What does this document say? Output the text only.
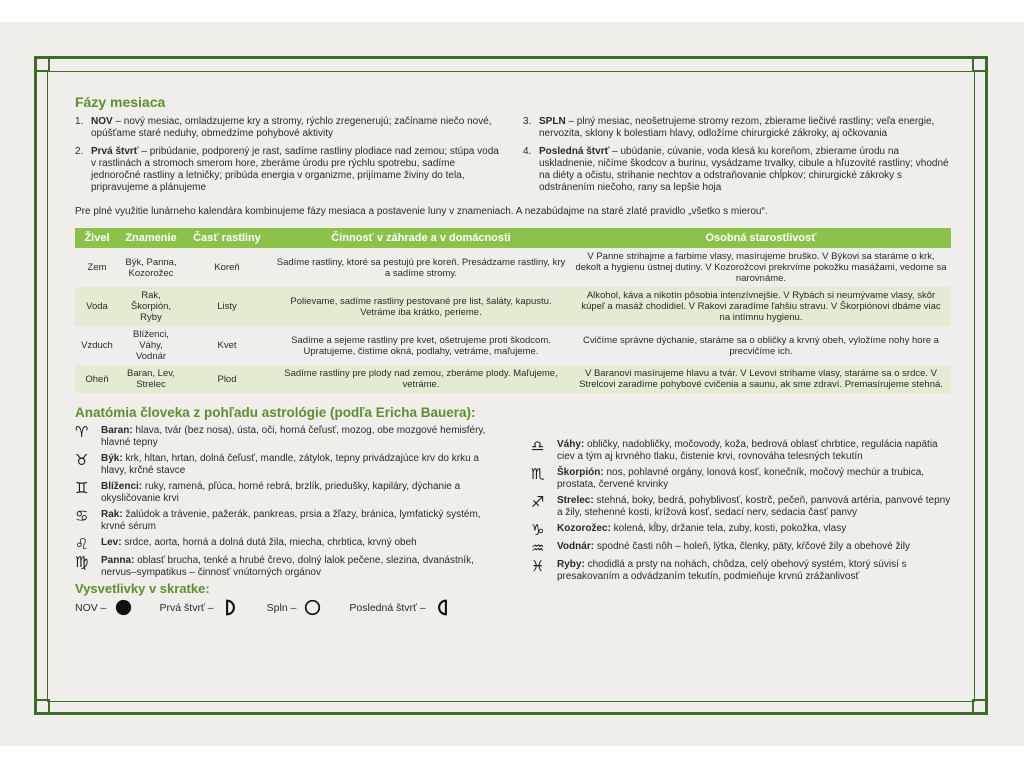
Fázy mesiaca
1. NOV – nový mesiac, omladzujeme kry a stromy, rýchlo zregenerujú; začíname niečo nové, opúšťame staré neduhy, obmedzíme pohybové aktivity
2. Prvá štvrť – pribúdanie, podporený je rast, sadíme rastliny plodiace nad zemou; stúpa voda v rastlinách a stromoch smerom hore, zberáme úrodu pre rýchlu spotrebu, sadíme jednoročné rastliny a letničky; pribúda energia v organizme, prijímame živiny do tela, pripravujeme a plánujeme
3. SPLN – plný mesiac, neošetrujeme stromy rezom, zbierame liečivé rastliny; veľa energie, nervozita, sklony k bolestiam hlavy, odložíme chirurgické zákroky, aj očkovania
4. Posledná štvrť – ubúdanie, cúvanie, voda klesá ku koreňom, zbierame úrodu na uskladnenie, ničíme škodcov a burinu, vysádzame trvalky, cibule a hľuzovité rastliny; vhodné na diéty a očistu, strihanie nechtov a odstraňovanie chĺpkov; chirurgické zákroky s odstránením niečoho, rany sa lepšie hoja
Pre plné využitie lunárneho kalendára kombinujeme fázy mesiaca a postavenie luny v znameniach. A nezabúdajme na staré zlaté pravidlo „všetko s mierou“.
Živel	Znamenie	Časť rastliny	Činnosť v záhrade a v domácnosti	Osobná starostlivosť
Zem	Býk, Panna, Kozorožec	Koreň	Sadíme rastliny, ktoré sa pestujú pre koreň. Presádzame rastliny, kry a sadíme stromy.	V Panne strihajme a farbime vlasy, masírujeme bruško. V Býkovi sa staráme o krk, dekolt a hygienu ústnej dutiny. V Kozorožcovi prekrvíme pokožku masážami, vedome sa narovnáme.
Voda	Rak, Škorpión, Ryby	Listy	Polievame, sadíme rastliny pestované pre list, šaláty, kapustu. Vetráme iba krátko, perieme.	Alkohol, káva a nikotín pôsobia intenzívnejšie. V Rybách si neumývame vlasy, skôr kúpeľ a masáž chodidiel. V Rakovi zaradíme ľahšiu stravu. V Škorpiónovi dbáme viac na intímnu hygienu.
Vzduch	Blíženci, Váhy, Vodnár	Kvet	Sadíme a sejeme rastliny pre kvet, ošetrujeme proti škodcom. Upratujeme, čistíme okná, podlahy, vetráme, maľujeme.	Cvičíme správne dýchanie, staráme sa o obličky a krvný obeh, vyložíme nohy hore a precvičíme ich.
Oheň	Baran, Lev, Strelec	Plod	Sadíme rastliny pre plody nad zemou, zberáme plody. Maľujeme, vetráme.	V Baranovi masírujeme hlavu a tvár. V Levovi strihame vlasy, staráme sa o srdce. V Strelcovi zaradíme pohybové cvičenia a saunu, ak sme zdraví. Premasírujeme stehná.
Anatómia človeka z pohľadu astrológie (podľa Ericha Bauera):
♈	Baran: hlava, tvár (bez nosa), ústa, oči, horná čeľusť, mozog, obe mozgové hemisféry, hlavné tepny
♉	Býk: krk, hltan, hrtan, dolná čeľusť, mandle, zátylok, tepny privádzajúce krv do krku a hlavy, krčné stavce
♊	Blíženci: ruky, ramená, pľúca, horné rebrá, brzlík, priedušky, kapiláry, dýchanie a okysličovanie krvi
♋	Rak: žalúdok a trávenie, pažerák, pankreas, prsia a žľazy, bránica, lymfatický systém, krvné sérum
♌	Lev: srdce, aorta, horná a dolná dutá žila, miecha, chrbtica, krvný obeh
♍	Panna: oblasť brucha, tenké a hrubé črevo, dolný lalok pečene, slezina, dvanástník, nervus–sympatikus – činnosť vnútorných orgánov
Vysvetlivky v skratke:
NOV –	Prvá štvrť –	Spln –	Posledná štvrť –
♎	Váhy: obličky, nadobličky, močovody, koža, bedrová oblasť chrbtice, regulácia napätia ciev a tým aj krvného tlaku, čistenie krvi, rovnováha telesných tekutín
♏	Škorpión: nos, pohlavné orgány, lonová kosť, konečník, močový mechúr a trubica, prostata, červené krvinky
♐	Strelec: stehná, boky, bedrá, pohyblivosť, kostrč, pečeň, panvová artéria, panvové tepny a žily, stehenné kosti, krížová kosť, sedací nerv, sedacia časť panvy
♑	Kozorožec: kolená, kĺby, držanie tela, zuby, kosti, pokožka, vlasy
♒	Vodnár: spodné časti nôh – holeň, lýtka, členky, päty, kŕčové žily a obehové žily
♓	Ryby: chodidlá a prsty na nohách, chôdza, celý obehový systém, ktorý súvisí s presakovaním a odvádzaním tekutín, podmieňuje krvnú zrážanlivosť
